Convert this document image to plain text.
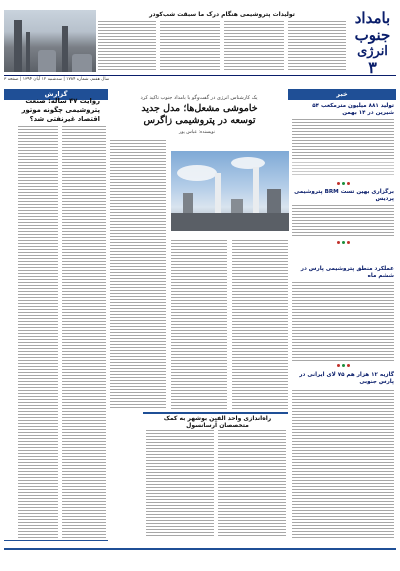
بامداد جنوب
انرژی
۳
سال هفتم، شماره ۱۷۸۴ | سه‌شنبه ۱۲ آبان ۱۳۹۴ | صفحه ۳
تولیدات پتروشیمی هنگام درک ما سبقت شب‌کودر
خبر
تولید ۸۸۱ میلیون مترمکعب ۵۴ شیرین در ۱۴ بهمن
برگزاری بهین تست BRM پتروشیمی پردیس
عملکرد منطق پتروشیمی پارس در ششم ماه
گازیه ۱۲ هزار هم ۷۵ لای ایرانی در پارس جنوبی
یک کارشناس انرژی در گفت‌وگو با بامداد جنوب تاکید کرد
خاموشی مشعل‌ها؛ مدل جدید
توسعه در پتروشیمی زاگرس
نویسنده: عباس پور
گزارش
روایت ۴۷ ساله: صنعت پتروشیمی چگونه موتور اقتصاد غیرنفتی شد؟
راه‌اندازی واحد الفین بوشهر به کمک متخصصان آرسانسول
